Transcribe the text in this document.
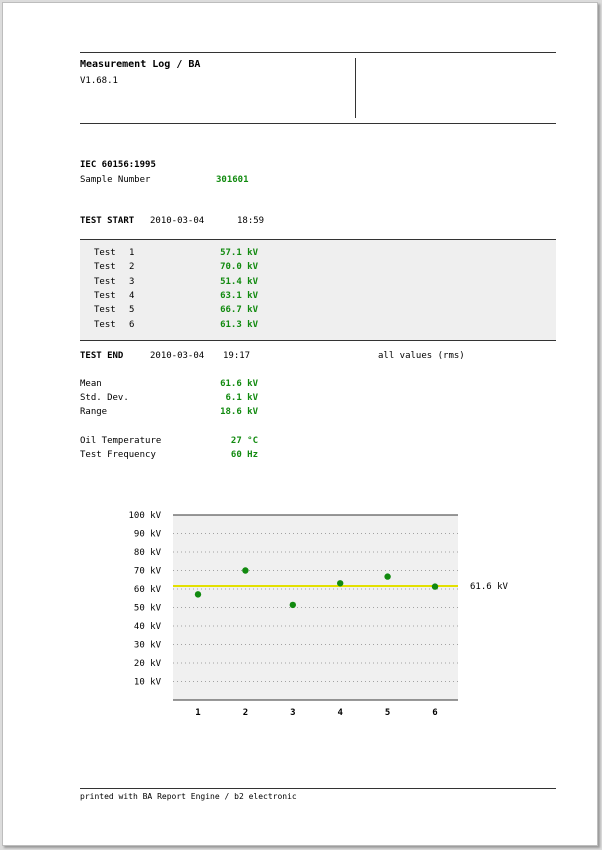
Measurement Log / BA
V1.68.1
IEC 60156:1995
Sample Number	301601
TEST START 2010-03-04	18:59
Test 1	57.1 kV
Test 2	70.0 kV
Test 3	51.4 kV
Test 4	63.1 kV
Test 5	66.7 kV
Test 6	61.3 kV
TEST END	2010-03-04 19:17	all values (rms)
Mean	61.6 kV
Std. Dev.	6.1 kV
Range	18.6 kV
Oil Temperature	27 °C
Test Frequency	60 Hz
10 kV
20 kV
30 kV
40 kV
50 kV
60 kV
70 kV
80 kV
90 kV
100 kV
61.6 kV
1	2	3	4	5	6
printed with BA Report Engine / b2 electronic
